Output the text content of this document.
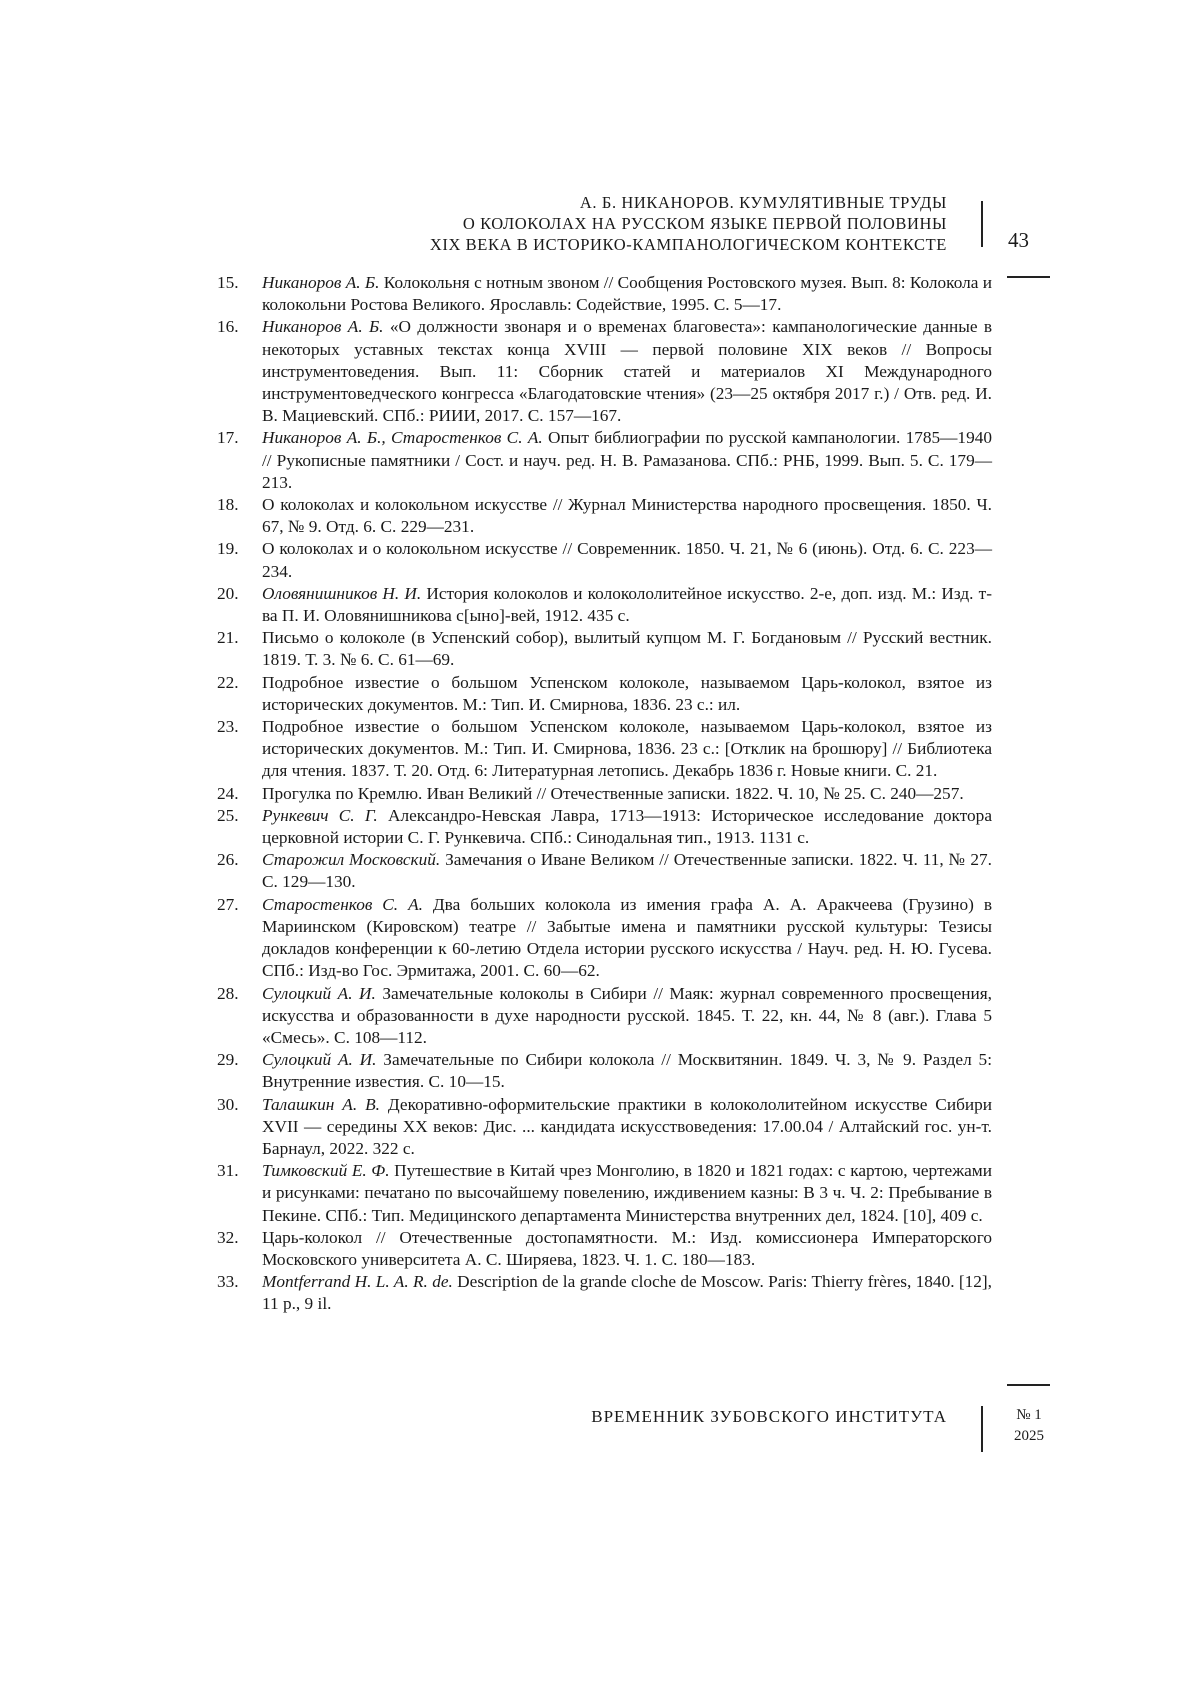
А. Б. НИКАНОРОВ. КУМУЛЯТИВНЫЕ ТРУДЫ
О КОЛОКОЛАХ НА РУССКОМ ЯЗЫКЕ ПЕРВОЙ ПОЛОВИНЫ
XIX ВЕКА В ИСТОРИКО-КАМПАНОЛОГИЧЕСКОМ КОНТЕКСТЕ	43
15. Никаноров А. Б. Колокольня с нотным звоном // Сообщения Ростовского музея. Вып. 8: Колокола и колокольни Ростова Великого. Ярославль: Содействие, 1995. С. 5—17.
16. Никаноров А. Б. «О должности звонаря и о временах благовеста»: кампанологические данные в некоторых уставных текстах конца XVIII — первой половине XIX веков // Вопросы инструментоведения. Вып. 11: Сборник статей и материалов XI Международного инструментоведческого конгресса «Благодатовские чтения» (23—25 октября 2017 г.) / Отв. ред. И. В. Мациевский. СПб.: РИИИ, 2017. С. 157—167.
17. Никаноров А. Б., Старостенков С. А. Опыт библиографии по русской кампанологии. 1785—1940 // Рукописные памятники / Сост. и науч. ред. Н. В. Рамазанова. СПб.: РНБ, 1999. Вып. 5. С. 179—213.
18. О колоколах и колокольном искусстве // Журнал Министерства народного просвещения. 1850. Ч. 67, № 9. Отд. 6. С. 229—231.
19. О колоколах и о колокольном искусстве // Современник. 1850. Ч. 21, № 6 (июнь). Отд. 6. С. 223—234.
20. Оловянишников Н. И. История колоколов и колокололитейное искусство. 2-е, доп. изд. М.: Изд. т-ва П. И. Оловянишникова с[ыно]-вей, 1912. 435 с.
21. Письмо о колоколе (в Успенский собор), вылитый купцом М. Г. Богдановым // Русский вестник. 1819. Т. 3. № 6. С. 61—69.
22. Подробное известие о большом Успенском колоколе, называемом Царь-колокол, взятое из исторических документов. М.: Тип. И. Смирнова, 1836. 23 с.: ил.
23. Подробное известие о большом Успенском колоколе, называемом Царь-колокол, взятое из исторических документов. М.: Тип. И. Смирнова, 1836. 23 с.: [Отклик на брошюру] // Библиотека для чтения. 1837. Т. 20. Отд. 6: Литературная летопись. Декабрь 1836 г. Новые книги. С. 21.
24. Прогулка по Кремлю. Иван Великий // Отечественные записки. 1822. Ч. 10, № 25. С. 240—257.
25. Рункевич С. Г. Александро-Невская Лавра, 1713—1913: Историческое исследование доктора церковной истории С. Г. Рункевича. СПб.: Синодальная тип., 1913. 1131 с.
26. Старожил Московский. Замечания о Иване Великом // Отечественные записки. 1822. Ч. 11, № 27. С. 129—130.
27. Старостенков С. А. Два больших колокола из имения графа А. А. Аракчеева (Грузино) в Мариинском (Кировском) театре // Забытые имена и памятники русской культуры: Тезисы докладов конференции к 60-летию Отдела истории русского искусства / Науч. ред. Н. Ю. Гусева. СПб.: Изд-во Гос. Эрмитажа, 2001. С. 60—62.
28. Сулоцкий А. И. Замечательные колоколы в Сибири // Маяк: журнал современного просвещения, искусства и образованности в духе народности русской. 1845. Т. 22, кн. 44, № 8 (авг.). Глава 5 «Смесь». С. 108—112.
29. Сулоцкий А. И. Замечательные по Сибири колокола // Москвитянин. 1849. Ч. 3, № 9. Раздел 5: Внутренние известия. С. 10—15.
30. Талашкин А. В. Декоративно-оформительские практики в колокололитейном искусстве Сибири XVII — середины XX веков: Дис. ... кандидата искусствоведения: 17.00.04 / Алтайский гос. ун-т. Барнаул, 2022. 322 с.
31. Тимковский Е. Ф. Путешествие в Китай чрез Монголию, в 1820 и 1821 годах: с картою, чертежами и рисунками: печатано по высочайшему повелению, иждивением казны: В 3 ч. Ч. 2: Пребывание в Пекине. СПб.: Тип. Медицинского департамента Министерства внутренних дел, 1824. [10], 409 с.
32. Царь-колокол // Отечественные достопамятности. М.: Изд. комиссионера Императорского Московского университета А. С. Ширяева, 1823. Ч. 1. С. 180—183.
33. Montferrand H. L. A. R. de. Description de la grande cloche de Moscow. Paris: Thierry frères, 1840. [12], 11 p., 9 il.
ВРЕМЕННИК ЗУБОВСКОГО ИНСТИТУТА	№ 1
2025
